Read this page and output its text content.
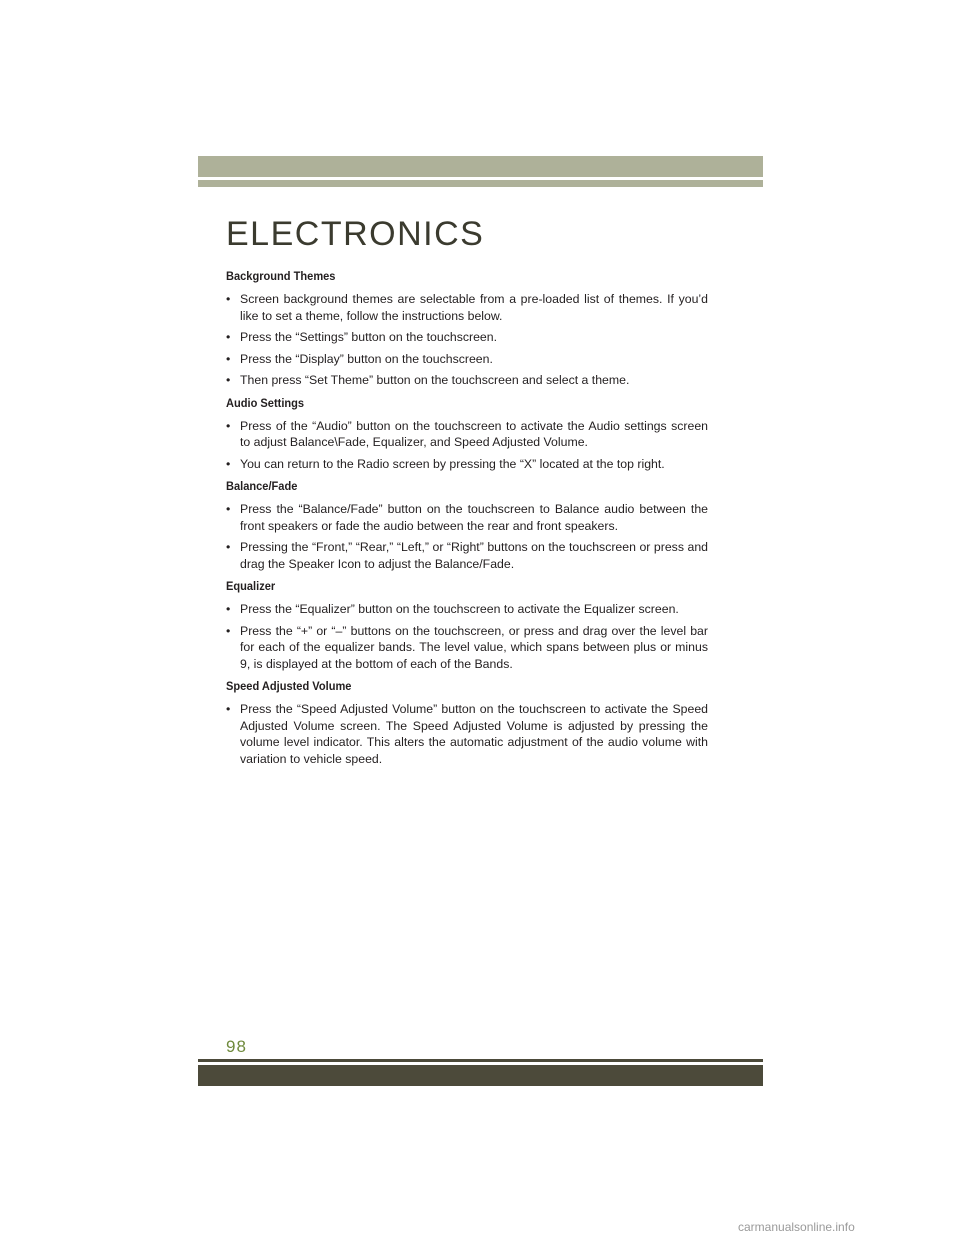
ELECTRONICS
Background Themes
• Screen background themes are selectable from a pre-loaded list of themes. If you’d like to set a theme, follow the instructions below.
• Press the “Settings” button on the touchscreen.
• Press the “Display” button on the touchscreen.
• Then press “Set Theme” button on the touchscreen and select a theme.
Audio Settings
• Press of the “Audio” button on the touchscreen to activate the Audio settings screen to adjust Balance\Fade, Equalizer, and Speed Adjusted Volume.
• You can return to the Radio screen by pressing the “X” located at the top right.
Balance/Fade
• Press the “Balance/Fade” button on the touchscreen to Balance audio between the front speakers or fade the audio between the rear and front speakers.
• Pressing the “Front,” “Rear,” “Left,” or “Right” buttons on the touchscreen or press and drag the Speaker Icon to adjust the Balance/Fade.
Equalizer
• Press the “Equalizer” button on the touchscreen to activate the Equalizer screen.
• Press the “+” or “–” buttons on the touchscreen, or press and drag over the level bar for each of the equalizer bands. The level value, which spans between plus or minus 9, is displayed at the bottom of each of the Bands.
Speed Adjusted Volume
• Press the “Speed Adjusted Volume” button on the touchscreen to activate the Speed Adjusted Volume screen. The Speed Adjusted Volume is adjusted by pressing the volume level indicator. This alters the automatic adjustment of the audio volume with variation to vehicle speed.
98
carmanualsonline.info
